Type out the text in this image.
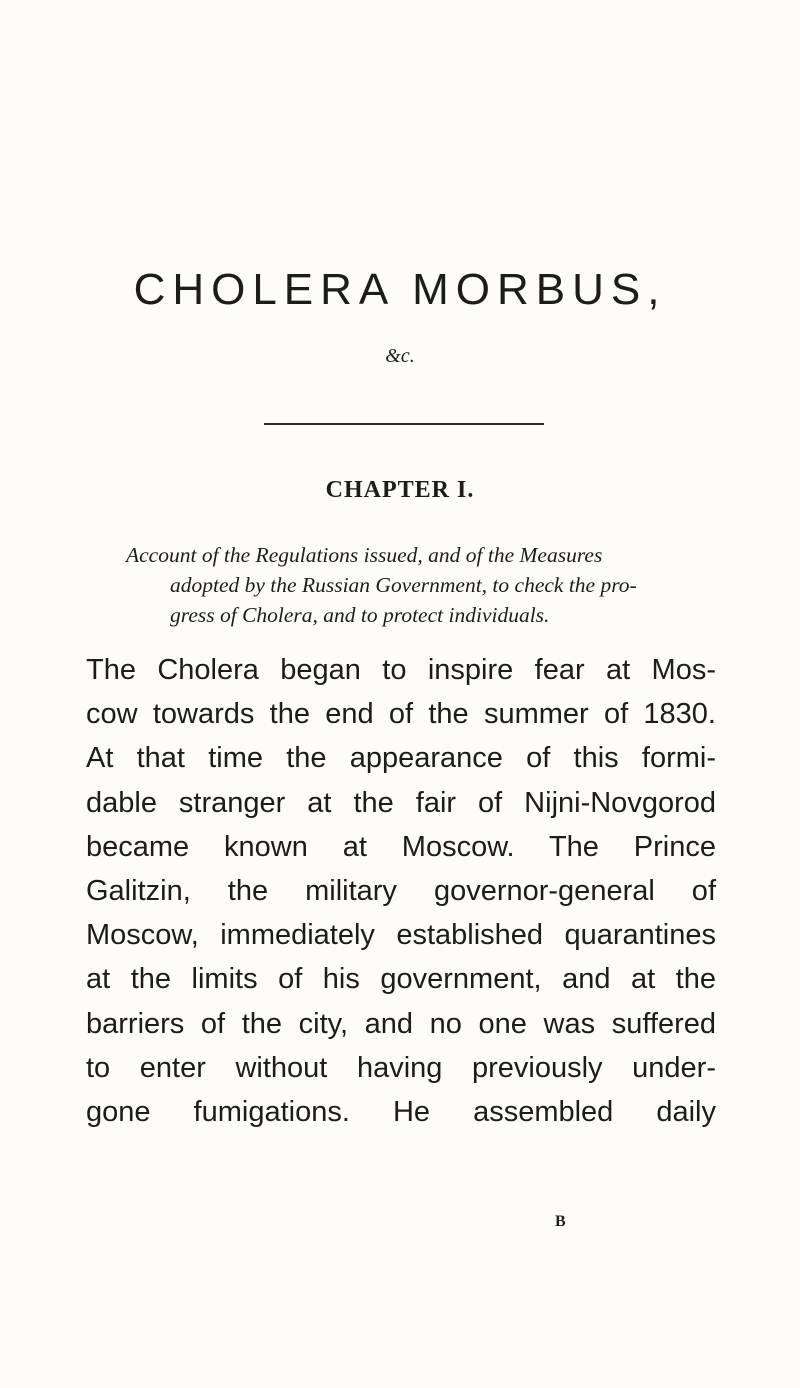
CHOLERA MORBUS,
&c.
CHAPTER I.

Account of the Regulations issued, and of the Measures
adopted by the Russian Government, to check the pro-
gress of Cholera, and to protect individuals.

The Cholera began to inspire fear at Mos-
cow towards the end of the summer of 1830.
At that time the appearance of this formi-
dable stranger at the fair of Nijni-Novgorod
became known at Moscow. The Prince
Galitzin, the military governor-general of
Moscow, immediately established quarantines
at the limits of his government, and at the
barriers of the city, and no one was suffered
to enter without having previously under-
gone fumigations. He assembled daily

B
